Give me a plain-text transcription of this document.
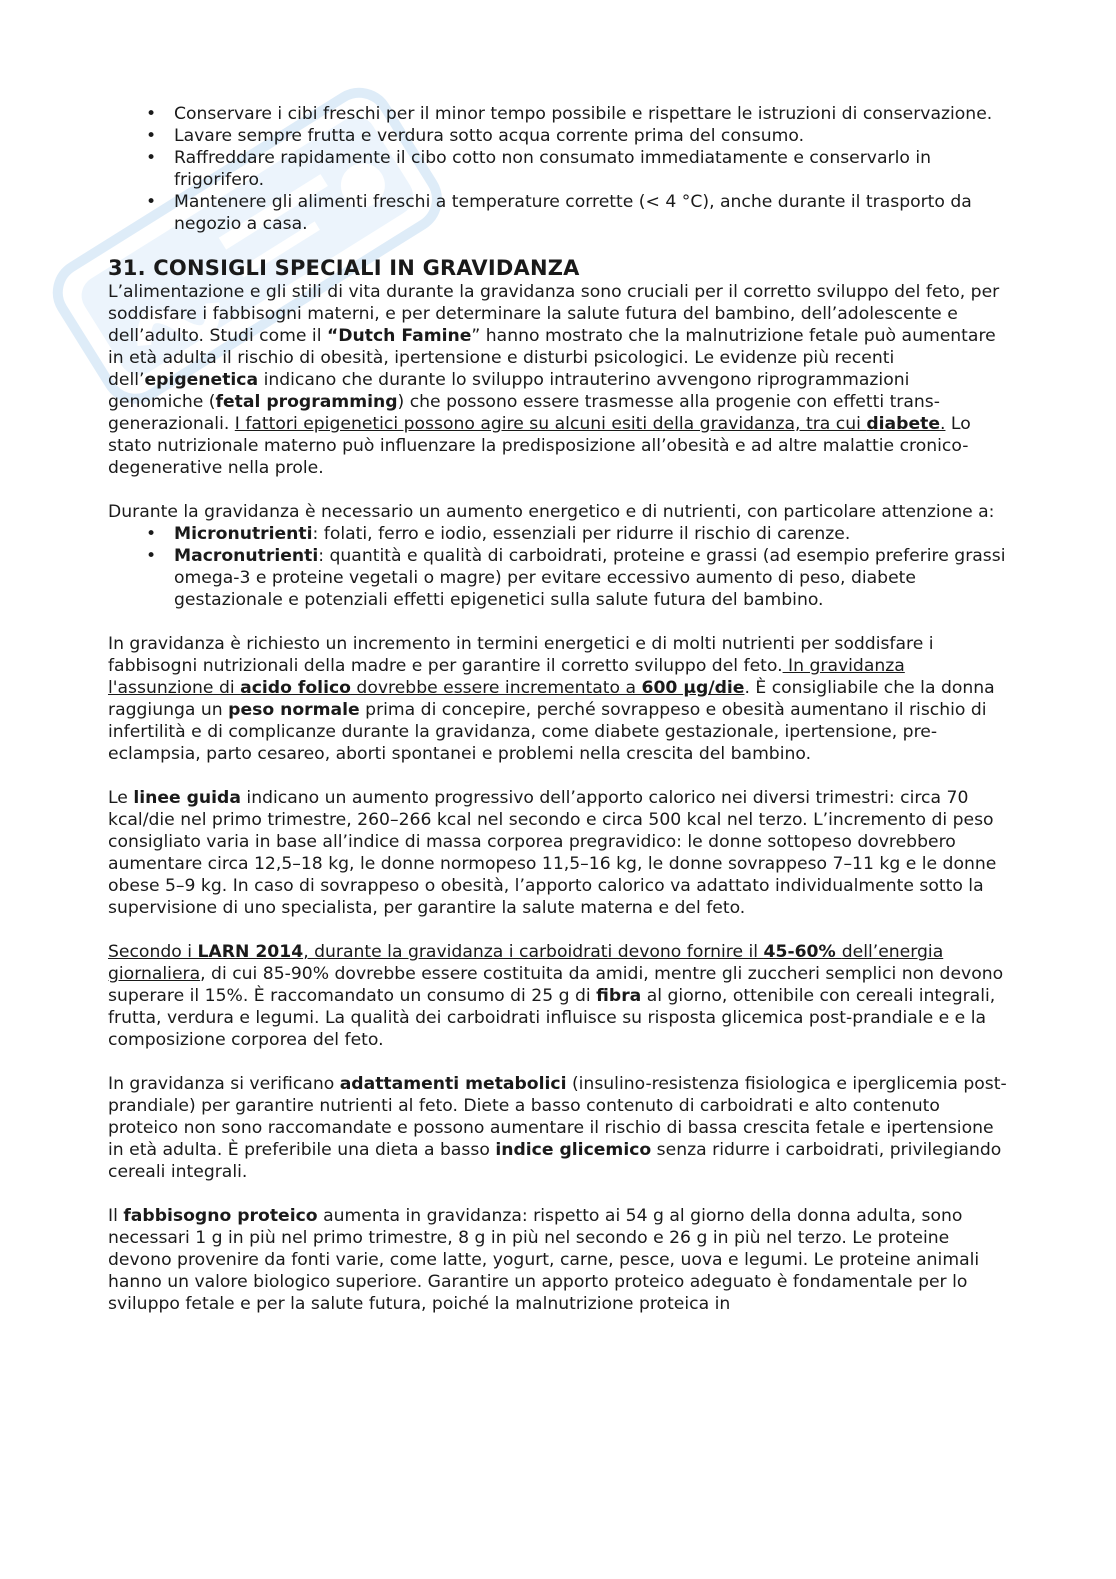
• Conservare i cibi freschi per il minor tempo possibile e rispettare le istruzioni di conservazione.
• Lavare sempre frutta e verdura sotto acqua corrente prima del consumo.
• Raffreddare rapidamente il cibo cotto non consumato immediatamente e conservarlo in frigorifero.
• Mantenere gli alimenti freschi a temperature corrette (< 4 °C), anche durante il trasporto da negozio a casa.
31. CONSIGLI SPECIALI IN GRAVIDANZA

L’alimentazione e gli stili di vita durante la gravidanza sono cruciali per il corretto sviluppo del feto, per soddisfare i fabbisogni materni, e per determinare la salute futura del bambino, dell’adolescente e dell’adulto. Studi come il “Dutch Famine” hanno mostrato che la malnutrizione fetale può aumentare in età adulta il rischio di obesità, ipertensione e disturbi psicologici. Le evidenze più recenti dell’epigenetica indicano che durante lo sviluppo intrauterino avvengono riprogrammazioni genomiche (fetal programming) che possono essere trasmesse alla progenie con effetti trans- generazionali. I fattori epigenetici possono agire su alcuni esiti della gravidanza, tra cui diabete. Lo stato nutrizionale materno può influenzare la predisposizione all’obesità e ad altre malattie cronico-degenerative nella prole.

Durante la gravidanza è necessario un aumento energetico e di nutrienti, con particolare attenzione a:

• Micronutrienti: folati, ferro e iodio, essenziali per ridurre il rischio di carenze.
• Macronutrienti: quantità e qualità di carboidrati, proteine e grassi (ad esempio preferire grassi omega-3 e proteine vegetali o magre) per evitare eccessivo aumento di peso, diabete gestazionale e potenziali effetti epigenetici sulla salute futura del bambino.

In gravidanza è richiesto un incremento in termini energetici e di molti nutrienti per soddisfare i fabbisogni nutrizionali della madre e per garantire il corretto sviluppo del feto. In gravidanza l'assunzione di acido folico dovrebbe essere incrementato a 600 µg/die. È consigliabile che la donna raggiunga un peso normale prima di concepire, perché sovrappeso e obesità aumentano il rischio di infertilità e di complicanze durante la gravidanza, come diabete gestazionale, ipertensione, pre-eclampsia, parto cesareo, aborti spontanei e problemi nella crescita del bambino.

Le linee guida indicano un aumento progressivo dell’apporto calorico nei diversi trimestri: circa 70 kcal/die nel primo trimestre, 260–266 kcal nel secondo e circa 500 kcal nel terzo. L’incremento di peso consigliato varia in base all’indice di massa corporea pregravidico: le donne sottopeso dovrebbero aumentare circa 12,5–18 kg, le donne normopeso 11,5–16 kg, le donne sovrappeso 7–11 kg e le donne obese 5–9 kg. In caso di sovrappeso o obesità, l’apporto calorico va adattato individualmente sotto la supervisione di uno specialista, per garantire la salute materna e del feto.

Secondo i LARN 2014, durante la gravidanza i carboidrati devono fornire il 45-60% dell’energia giornaliera, di cui 85-90% dovrebbe essere costituita da amidi, mentre gli zuccheri semplici non devono superare il 15%. È raccomandato un consumo di 25 g di fibra al giorno, ottenibile con cereali integrali, frutta, verdura e legumi. La qualità dei carboidrati influisce su risposta glicemica post-prandiale e e la composizione corporea del feto.

In gravidanza si verificano adattamenti metabolici (insulino-resistenza fisiologica e iperglicemia post-prandiale) per garantire nutrienti al feto. Diete a basso contenuto di carboidrati e alto contenuto proteico non sono raccomandate e possono aumentare il rischio di bassa crescita fetale e ipertensione in età adulta. È preferibile una dieta a basso indice glicemico senza ridurre i carboidrati, privilegiando cereali integrali.

Il fabbisogno proteico aumenta in gravidanza: rispetto ai 54 g al giorno della donna adulta, sono necessari 1 g in più nel primo trimestre, 8 g in più nel secondo e 26 g in più nel terzo. Le proteine devono provenire da fonti varie, come latte, yogurt, carne, pesce, uova e legumi. Le proteine animali hanno un valore biologico superiore. Garantire un apporto proteico adeguato è fondamentale per lo sviluppo fetale e per la salute futura, poiché la malnutrizione proteica in
